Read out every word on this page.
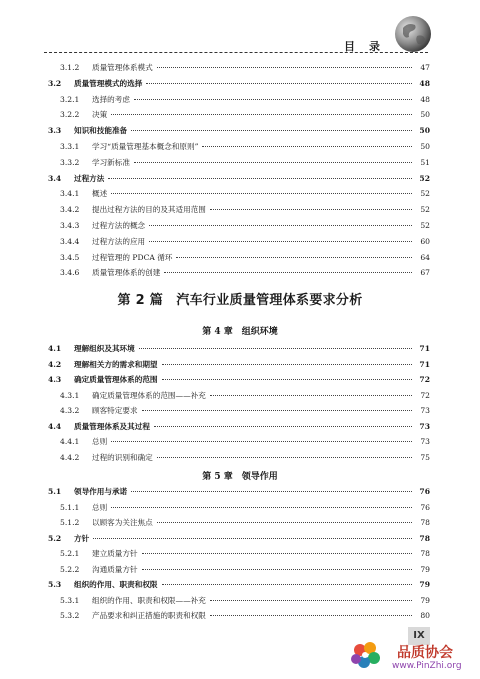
目录
3.1.2	质量管理体系模式	47
3.2	质量管理模式的选择	48
3.2.1	选择的考虑	48
3.2.2	决策	50
3.3	知识和技能准备	50
3.3.1	学习“质量管理基本概念和原则”	50
3.3.2	学习新标准	51
3.4	过程方法	52
3.4.1	概述	52
3.4.2	提出过程方法的目的及其适用范围	52
3.4.3	过程方法的概念	52
3.4.4	过程方法的应用	60
3.4.5	过程管理的 PDCA 循环	64
3.4.6	质量管理体系的创建	67
第 2 篇　汽车行业质量管理体系要求分析
第 4 章　组织环境
4.1	理解组织及其环境	71
4.2	理解相关方的需求和期望	71
4.3	确定质量管理体系的范围	72
4.3.1	确定质量管理体系的范围——补充	72
4.3.2	顾客特定要求	73
4.4	质量管理体系及其过程	73
4.4.1	总则	73
4.4.2	过程的识别和确定	75
第 5 章　领导作用
5.1	领导作用与承诺	76
5.1.1	总则	76
5.1.2	以顾客为关注焦点	78
5.2	方针	78
5.2.1	建立质量方针	78
5.2.2	沟通质量方针	79
5.3	组织的作用、职责和权限	79
5.3.1	组织的作用、职责和权限——补充	79
5.3.2	产品要求和纠正措施的职责和权限	80
IX
品质协会
www.PinZhi.org
